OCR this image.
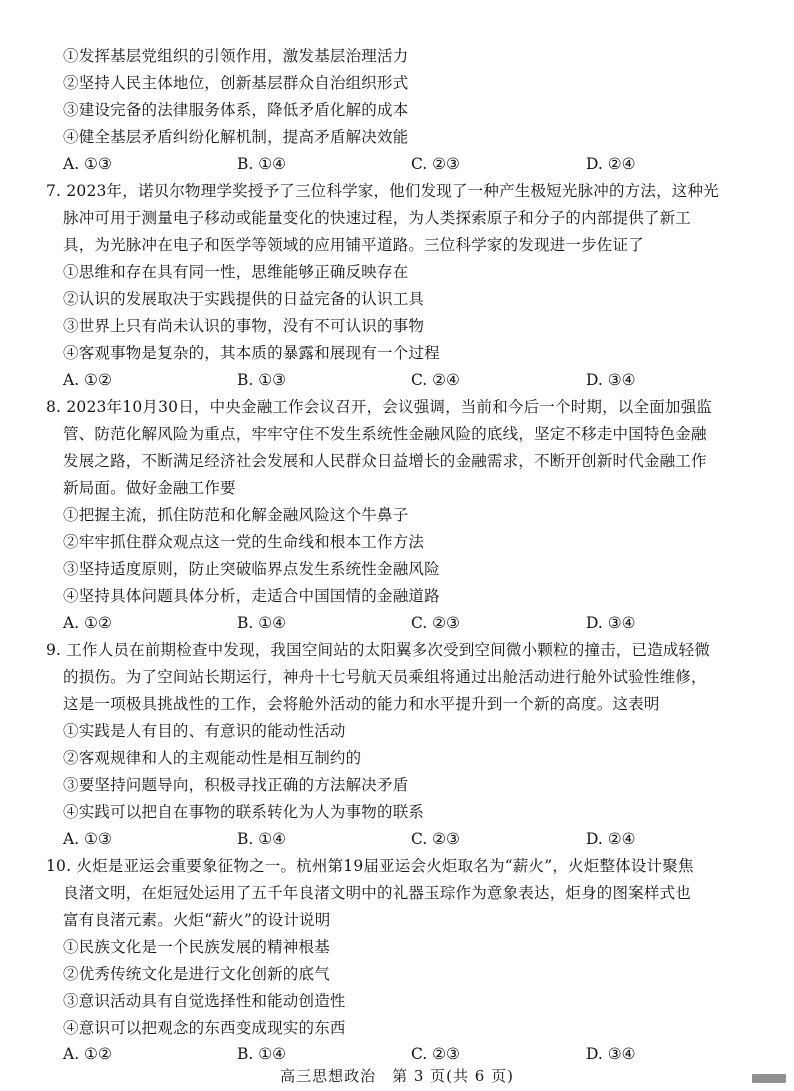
①发挥基层党组织的引领作用，激发基层治理活力
②坚持人民主体地位，创新基层群众自治组织形式
③建设完备的法律服务体系，降低矛盾化解的成本
④健全基层矛盾纠纷化解机制，提高矛盾解决效能
A. ①③	B. ①④	C. ②③	D. ②④
7. 2023年，诺贝尔物理学奖授予了三位科学家，他们发现了一种产生极短光脉冲的方法，这种光
脉冲可用于测量电子移动或能量变化的快速过程，为人类探索原子和分子的内部提供了新工
具，为光脉冲在电子和医学等领域的应用铺平道路。三位科学家的发现进一步佐证了
①思维和存在具有同一性，思维能够正确反映存在
②认识的发展取决于实践提供的日益完备的认识工具
③世界上只有尚未认识的事物，没有不可认识的事物
④客观事物是复杂的，其本质的暴露和展现有一个过程
A. ①②	B. ①③	C. ②④	D. ③④
8. 2023年10月30日，中央金融工作会议召开，会议强调，当前和今后一个时期，以全面加强监
管、防范化解风险为重点，牢牢守住不发生系统性金融风险的底线，坚定不移走中国特色金融
发展之路，不断满足经济社会发展和人民群众日益增长的金融需求，不断开创新时代金融工作
新局面。做好金融工作要
①把握主流，抓住防范和化解金融风险这个牛鼻子
②牢牢抓住群众观点这一党的生命线和根本工作方法
③坚持适度原则，防止突破临界点发生系统性金融风险
④坚持具体问题具体分析，走适合中国国情的金融道路
A. ①②	B. ①④	C. ②③	D. ③④
9. 工作人员在前期检查中发现，我国空间站的太阳翼多次受到空间微小颗粒的撞击，已造成轻微
的损伤。为了空间站长期运行，神舟十七号航天员乘组将通过出舱活动进行舱外试验性维修，
这是一项极具挑战性的工作，会将舱外活动的能力和水平提升到一个新的高度。这表明
①实践是人有目的、有意识的能动性活动
②客观规律和人的主观能动性是相互制约的
③要坚持问题导向，积极寻找正确的方法解决矛盾
④实践可以把自在事物的联系转化为人为事物的联系
A. ①③	B. ①④	C. ②③	D. ②④
10. 火炬是亚运会重要象征物之一。杭州第19届亚运会火炬取名为“薪火”，火炬整体设计聚焦
良渚文明，在炬冠处运用了五千年良渚文明中的礼器玉琮作为意象表达，炬身的图案样式也
富有良渚元素。火炬“薪火”的设计说明
①民族文化是一个民族发展的精神根基
②优秀传统文化是进行文化创新的底气
③意识活动具有自觉选择性和能动创造性
④意识可以把观念的东西变成现实的东西
高三思想政治　第 3 页(共 6 页)
A. ①②	B. ①④	C. ②③	D. ③④
